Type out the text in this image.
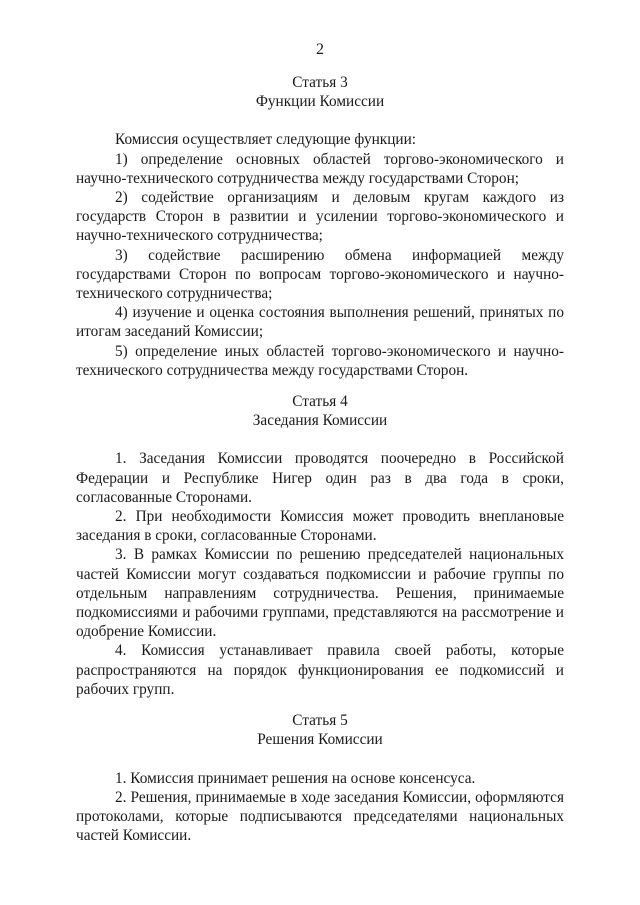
2
Статья 3
Функции Комиссии

Комиссия осуществляет следующие функции:

1) определение основных областей торгово-экономического и научно-технического сотрудничества между государствами Сторон;

2) содействие организациям и деловым кругам каждого из государств Сторон в развитии и усилении торгово-экономического и научно-технического сотрудничества;

3) содействие расширению обмена информацией между государствами Сторон по вопросам торгово-экономического и научно-технического сотрудничества;

4) изучение и оценка состояния выполнения решений, принятых по итогам заседаний Комиссии;

5) определение иных областей торгово-экономического и научно-технического сотрудничества между государствами Сторон.

Статья 4
Заседания Комиссии

1. Заседания Комиссии проводятся поочередно в Российской Федерации и Республике Нигер один раз в два года в сроки, согласованные Сторонами.

2. При необходимости Комиссия может проводить внеплановые заседания в сроки, согласованные Сторонами.

3. В рамках Комиссии по решению председателей национальных частей Комиссии могут создаваться подкомиссии и рабочие группы по отдельным направлениям сотрудничества. Решения, принимаемые подкомиссиями и рабочими группами, представляются на рассмотрение и одобрение Комиссии.

4. Комиссия устанавливает правила своей работы, которые распространяются на порядок функционирования ее подкомиссий и рабочих групп.

Статья 5
Решения Комиссии

1. Комиссия принимает решения на основе консенсуса.

2. Решения, принимаемые в ходе заседания Комиссии, оформляются протоколами, которые подписываются председателями национальных частей Комиссии.
